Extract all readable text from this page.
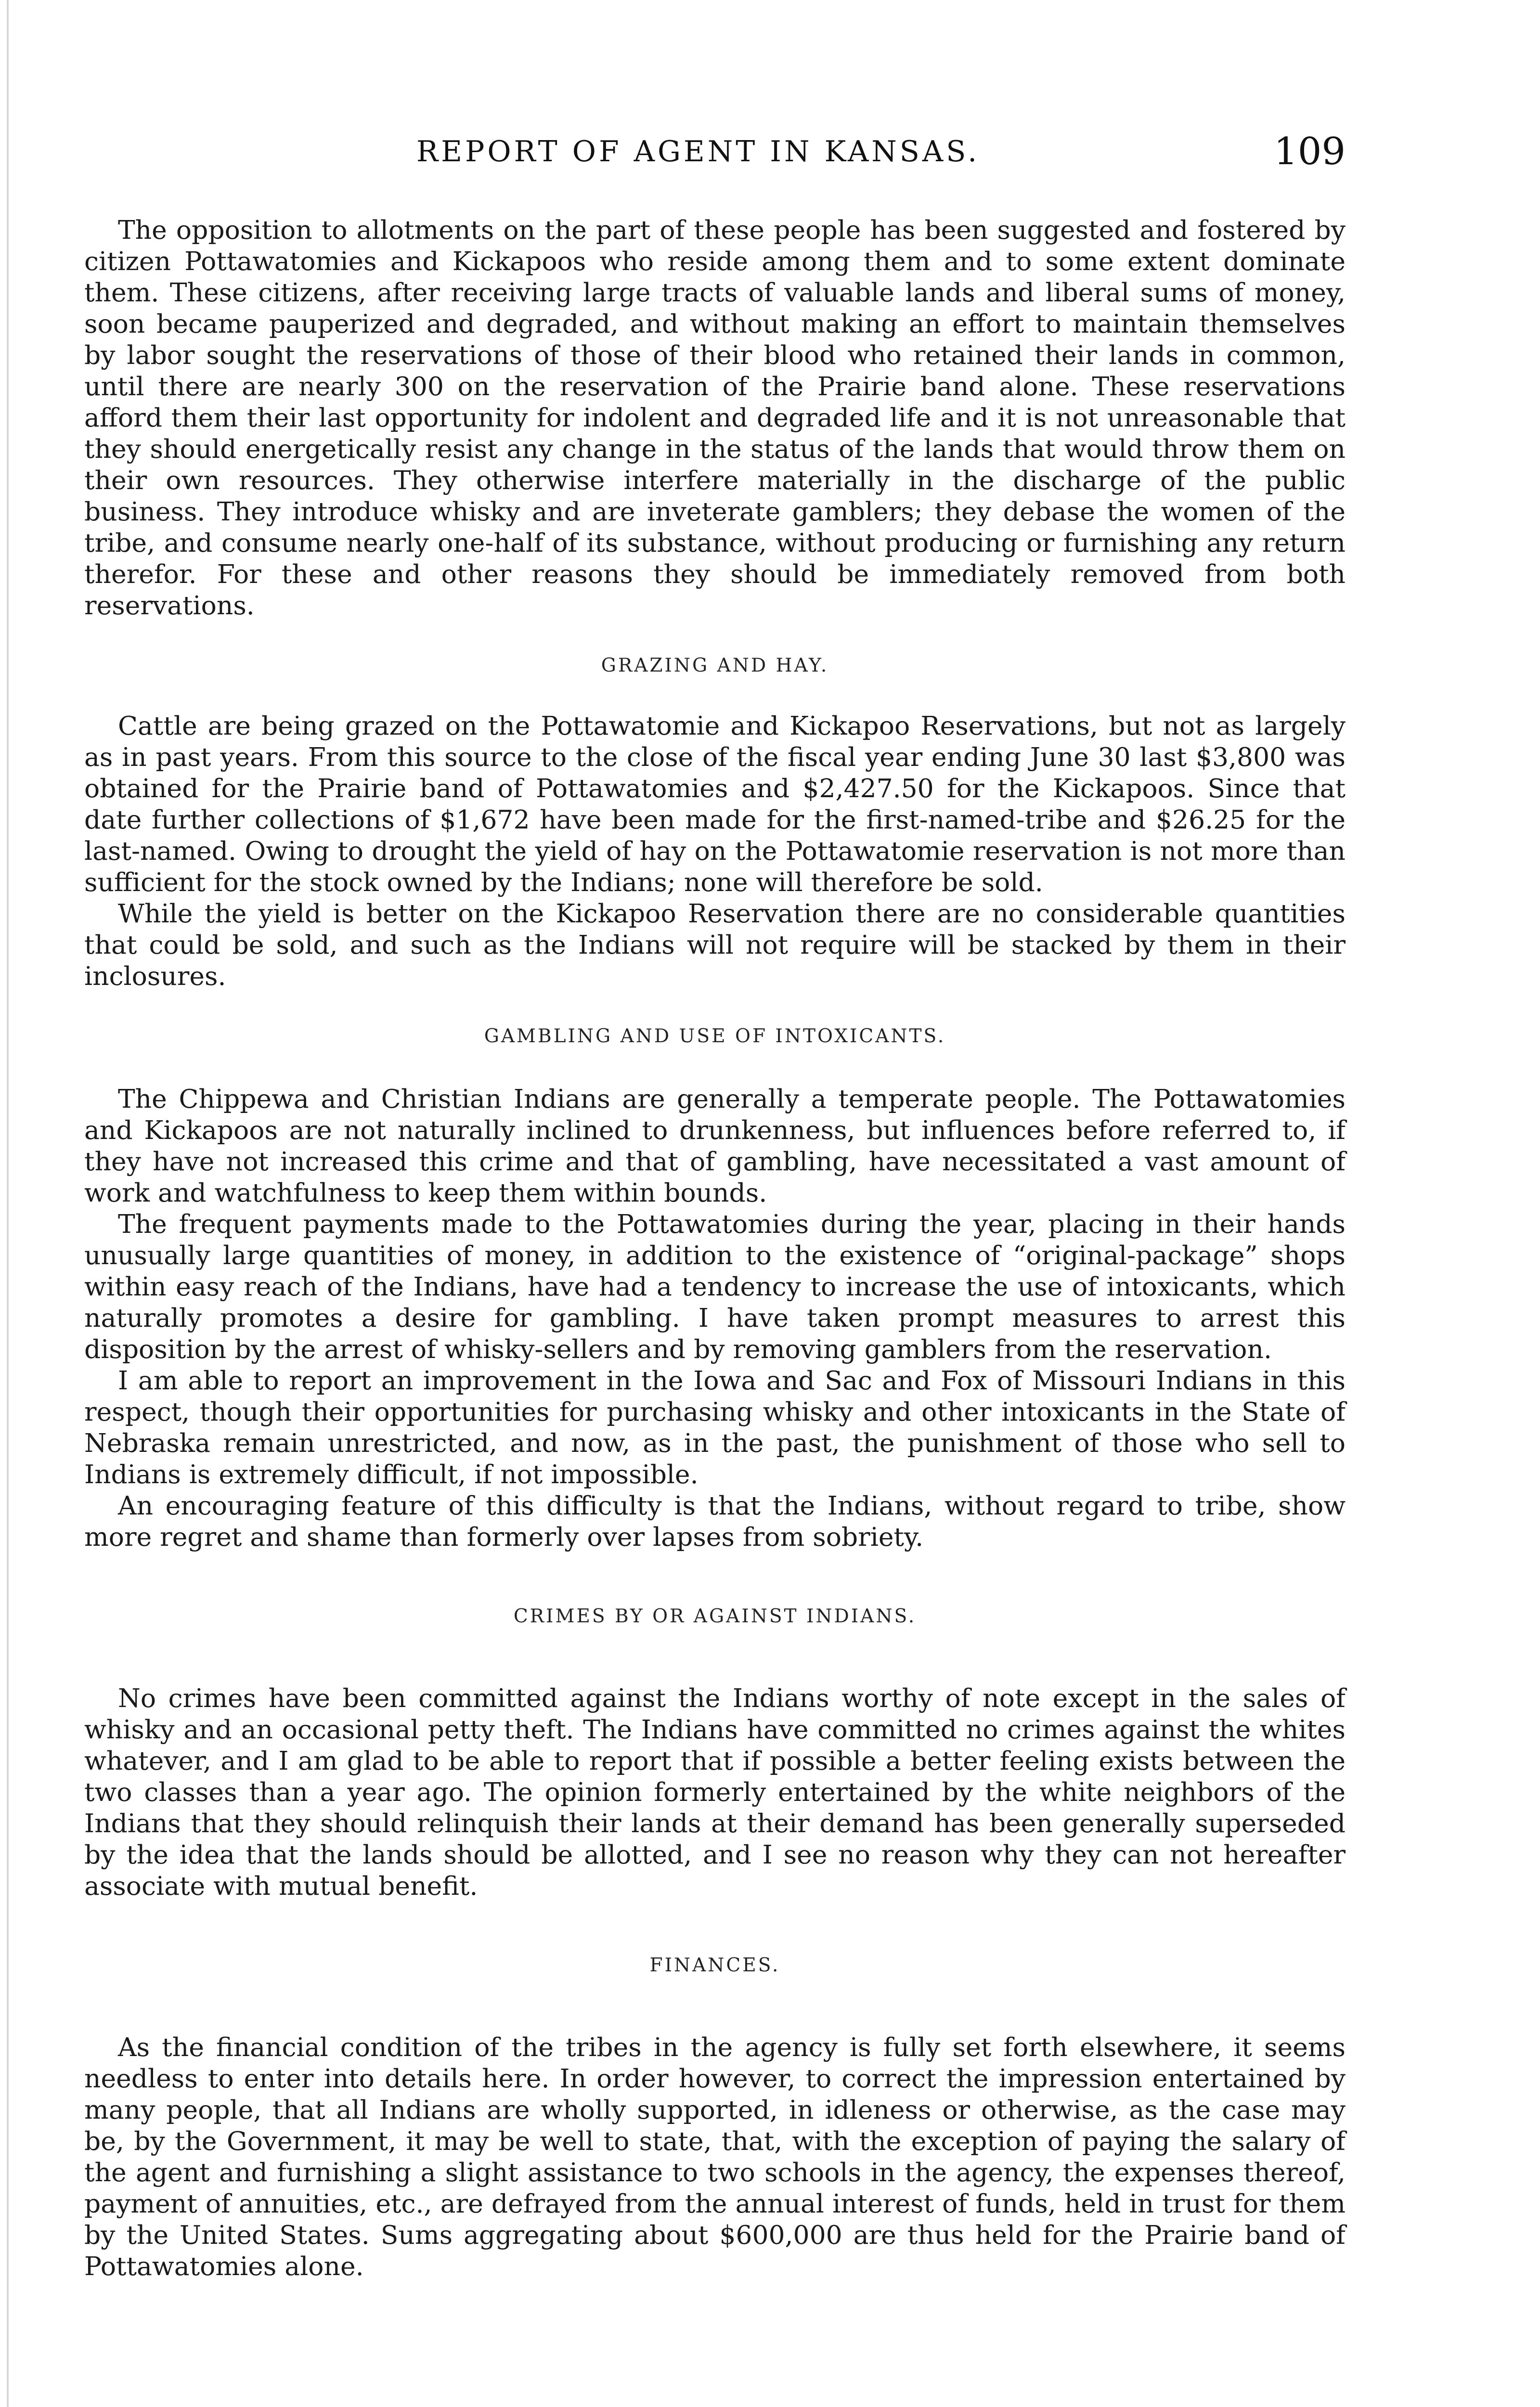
REPORT OF AGENT IN KANSAS.	109

The opposition to allotments on the part of these people has been suggested and fostered by citizen Pottawatomies and Kickapoos who reside among them and to some extent dominate them. These citizens, after receiving large tracts of valuable lands and liberal sums of money, soon became pauperized and degraded, and without making an effort to maintain themselves by labor sought the reservations of those of their blood who retained their lands in common, until there are nearly 300 on the reservation of the Prairie band alone. These reservations afford them their last opportunity for indolent and degraded life and it is not unreasonable that they should energetically resist any change in the status of the lands that would throw them on their own resources. They otherwise interfere materially in the discharge of the public business. They introduce whisky and are inveterate gamblers; they debase the women of the tribe, and consume nearly one-half of its substance, without producing or furnishing any return therefor. For these and other reasons they should be immediately removed from both reservations.

GRAZING AND HAY.

Cattle are being grazed on the Pottawatomie and Kickapoo Reservations, but not as largely as in past years. From this source to the close of the fiscal year ending June 30 last $3,800 was obtained for the Prairie band of Pottawatomies and $2,427.50 for the Kickapoos. Since that date further collections of $1,672 have been made for the first-named-tribe and $26.25 for the last-named. Owing to drought the yield of hay on the Pottawatomie reservation is not more than sufficient for the stock owned by the Indians; none will therefore be sold.

While the yield is better on the Kickapoo Reservation there are no considerable quantities that could be sold, and such as the Indians will not require will be stacked by them in their inclosures.

GAMBLING AND USE OF INTOXICANTS.

The Chippewa and Christian Indians are generally a temperate people. The Pottawatomies and Kickapoos are not naturally inclined to drunkenness, but influences before referred to, if they have not increased this crime and that of gambling, have necessitated a vast amount of work and watchfulness to keep them within bounds.

The frequent payments made to the Pottawatomies during the year, placing in their hands unusually large quantities of money, in addition to the existence of “original-package” shops within easy reach of the Indians, have had a tendency to increase the use of intoxicants, which naturally promotes a desire for gambling. I have taken prompt measures to arrest this disposition by the arrest of whisky-sellers and by removing gamblers from the reservation.

I am able to report an improvement in the Iowa and Sac and Fox of Missouri Indians in this respect, though their opportunities for purchasing whisky and other intoxicants in the State of Nebraska remain unrestricted, and now, as in the past, the punishment of those who sell to Indians is extremely difficult, if not impossible.

An encouraging feature of this difficulty is that the Indians, without regard to tribe, show more regret and shame than formerly over lapses from sobriety.

CRIMES BY OR AGAINST INDIANS.

No crimes have been committed against the Indians worthy of note except in the sales of whisky and an occasional petty theft. The Indians have committed no crimes against the whites whatever, and I am glad to be able to report that if possible a better feeling exists between the two classes than a year ago. The opinion formerly entertained by the white neighbors of the Indians that they should relinquish their lands at their demand has been generally superseded by the idea that the lands should be allotted, and I see no reason why they can not hereafter associate with mutual benefit.

FINANCES.

As the financial condition of the tribes in the agency is fully set forth elsewhere, it seems needless to enter into details here. In order however, to correct the impression entertained by many people, that all Indians are wholly supported, in idleness or otherwise, as the case may be, by the Government, it may be well to state, that, with the exception of paying the salary of the agent and furnishing a slight assistance to two schools in the agency, the expenses thereof, payment of annuities, etc., are defrayed from the annual interest of funds, held in trust for them by the United States. Sums aggregating about $600,000 are thus held for the Prairie band of Pottawatomies alone.
